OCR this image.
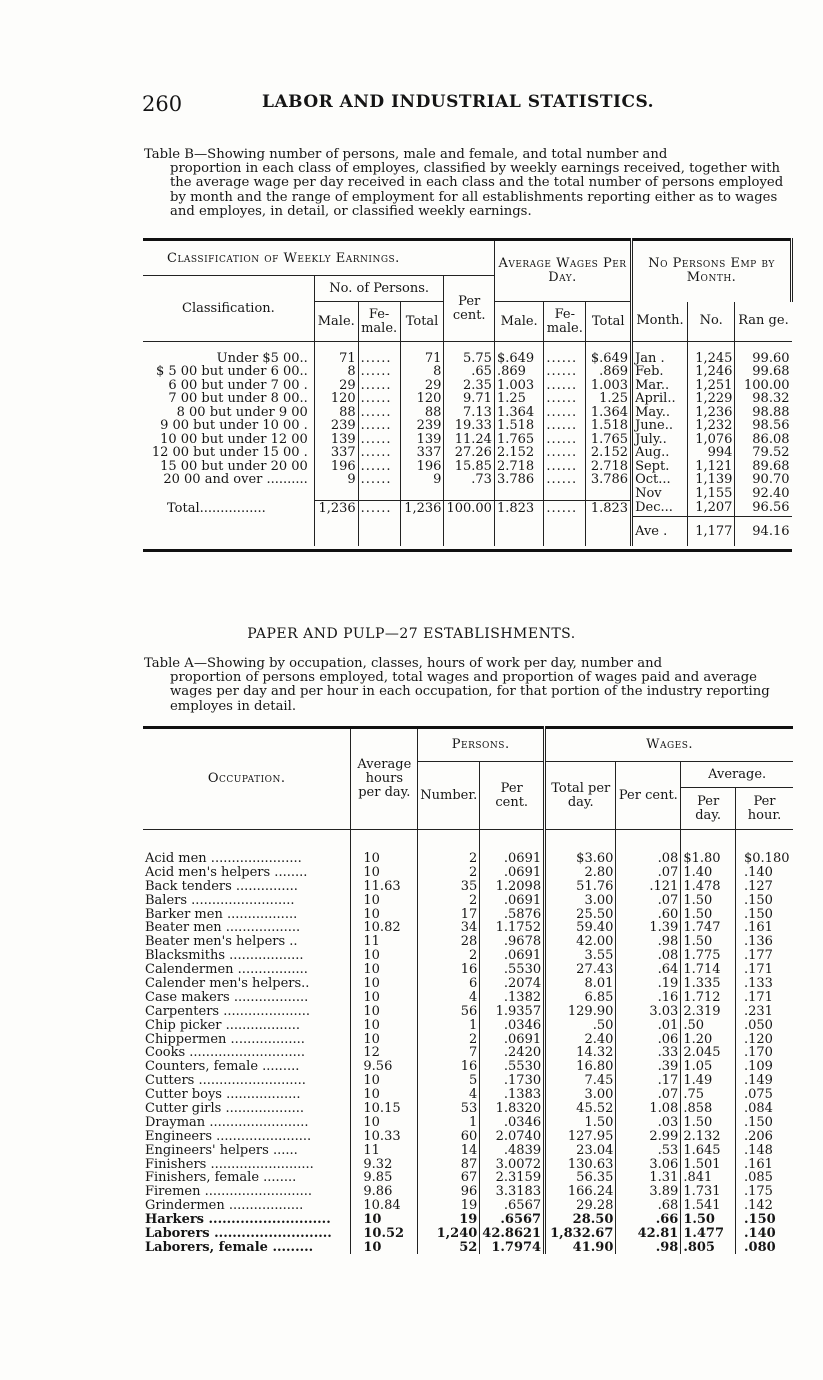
260	LABOR AND INDUSTRIAL STATISTICS.
Table B—Showing number of persons, male and female, and total number and
proportion in each class of employes, classified by weekly earnings received, together with the average wage per day received in each class and the total number of persons employed by month and the range of employment for all establishments reporting either as to wages and employes, in detail, or classified weekly earnings.
Classification of Weekly Earnings.					Average Wages Per Day.			No Persons Emp by Month.		
Classification.	No. of Persons.			Per cent.						
	Male.	Fe-male.	Total		Male.	Fe-male.	Total	Month.	No.	Ran ge.

Under $5 00..	71	......	71	5.75	$.649	......	$.649	Jan .	1,245	99.60
$ 5 00 but under 6 00..	8	......	8	.65	.869	......	.869	Feb.	1,246	99.68
6 00 but under 7 00 .	29	......	29	2.35	1.003	......	1.003	Mar..	1,251	100.00
7 00 but under 8 00..	120	......	120	9.71	1.25	......	1.25	April..	1,229	98.32
8 00 but under 9 00	88	......	88	7.13	1.364	......	1.364	May..	1,236	98.88
9 00 but under 10 00 .	239	......	239	19.33	1.518	......	1.518	June..	1,232	98.56
10 00 but under 12 00	139	......	139	11.24	1.765	......	1.765	July..	1,076	86.08
12 00 but under 15 00 .	337	......	337	27.26	2.152	......	2.152	Aug..	994	79.52
15 00 but under 20 00	196	......	196	15.85	2.718	......	2.718	Sept.	1,121	89.68
20 00 and over ..........	9	......	9	.73	3.786	......	3.786	Oct...	1,139	90.70
								Nov	1,155	92.40
Total................	1,236	......	1,236	100.00	1.823	......	1.823	Dec...	1,207	96.56
								Ave .	1,177	94.16

PAPER AND PULP—27 ESTABLISHMENTS.
Table A—Showing by occupation, classes, hours of work per day, number and
proportion of persons employed, total wages and proportion of wages paid and average wages per day and per hour in each occupation, for that portion of the industry reporting employes in detail.
Occupation.	Average hours per day.	Persons.		Wages.			
		Number.	Per cent.	Total per day.	Per cent.	Average.	
						Per day.	Per hour.

Acid men ......................	10	2	.0691	$3.60	.08	$1.80	$0.180
Acid men's helpers ........	10	2	.0691	2.80	.07	1.40	.140
Back tenders ...............	11.63	35	1.2098	51.76	.121	1.478	.127
Balers .........................	10	2	.0691	3.00	.07	1.50	.150
Barker men .................	10	17	.5876	25.50	.60	1.50	.150
Beater men ..................	10.82	34	1.1752	59.40	1.39	1.747	.161
Beater men's helpers ..	11	28	.9678	42.00	.98	1.50	.136
Blacksmiths ..................	10	2	.0691	3.55	.08	1.775	.177
Calendermen .................	10	16	.5530	27.43	.64	1.714	.171
Calender men's helpers..	10	6	.2074	8.01	.19	1.335	.133
Case makers ..................	10	4	.1382	6.85	.16	1.712	.171
Carpenters .....................	10	56	1.9357	129.90	3.03	2.319	.231
Chip picker ..................	10	1	.0346	.50	.01	.50	.050
Chippermen ..................	10	2	.0691	2.40	.06	1.20	.120
Cooks ............................	12	7	.2420	14.32	.33	2.045	.170
Counters, female .........	9.56	16	.5530	16.80	.39	1.05	.109
Cutters ..........................	10	5	.1730	7.45	.17	1.49	.149
Cutter boys ..................	10	4	.1383	3.00	.07	.75	.075
Cutter girls ...................	10.15	53	1.8320	45.52	1.08	.858	.084
Drayman ........................	10	1	.0346	1.50	.03	1.50	.150
Engineers .......................	10.33	60	2.0740	127.95	2.99	2.132	.206
Engineers' helpers ......	11	14	.4839	23.04	.53	1.645	.148
Finishers .........................	9.32	87	3.0072	130.63	3.06	1.501	.161
Finishers, female ........	9.85	67	2.3159	56.35	1.31	.841	.085
Firemen ..........................	9.86	96	3.3183	166.24	3.89	1.731	.175
Grindermen ..................	10.84	19	.6567	29.28	.68	1.541	.142
Harkers ...........................	10	19	.6567	28.50	.66	1.50	.150
Laborers ..........................	10.52	1,240	42.8621	1,832.67	42.81	1.477	.140
Laborers, female .........	10	52	1.7974	41.90	.98	.805	.080
